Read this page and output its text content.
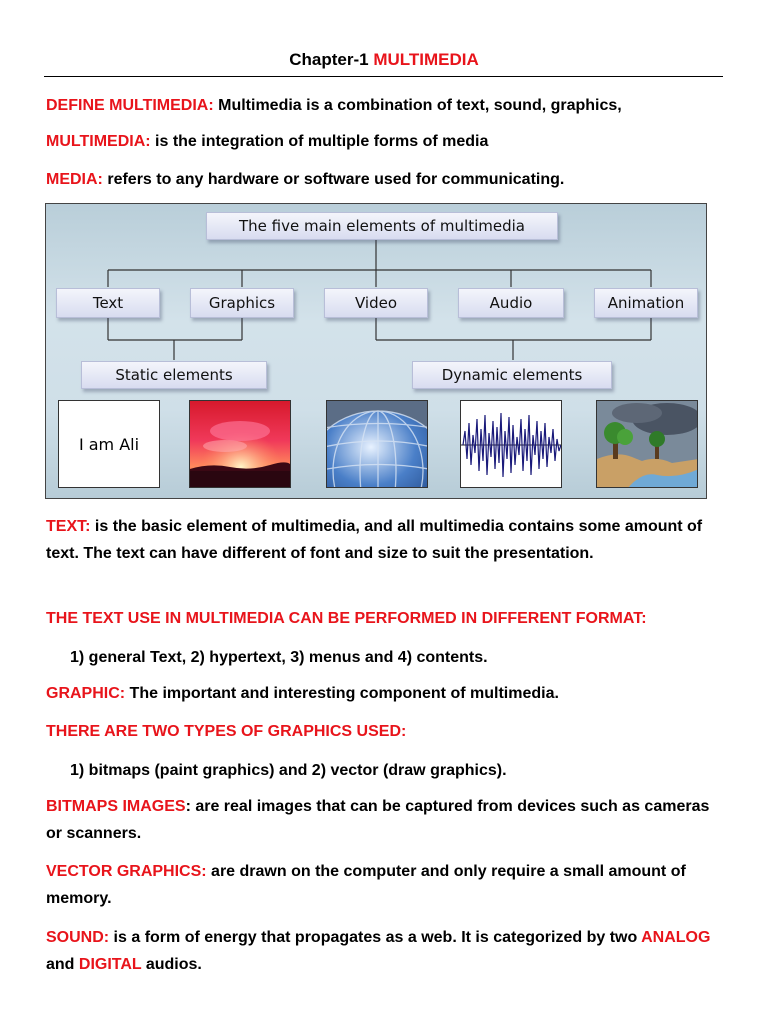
Chapter-1 MULTIMEDIA

DEFINE MULTIMEDIA: Multimedia is a combination of text, sound, graphics,

MULTIMEDIA: is the integration of multiple forms of media

MEDIA: refers to any hardware or software used for communicating.

The five main elements of multimedia
Text	Graphics	Video	Audio	Animation
Static elements	Dynamic elements
I am Ali

TEXT: is the basic element of multimedia, and all multimedia contains some amount of text. The text can have different of font and size to suit the presentation.

THE TEXT USE IN MULTIMEDIA CAN BE PERFORMED IN DIFFERENT FORMAT:

1) general Text, 2) hypertext, 3) menus and 4) contents.

GRAPHIC: The important and interesting component of multimedia.

THERE ARE TWO TYPES OF GRAPHICS USED:

1) bitmaps (paint graphics) and 2) vector (draw graphics).

BITMAPS IMAGES: are real images that can be captured from devices such as cameras or scanners.

VECTOR GRAPHICS: are drawn on the computer and only require a small amount of memory.

SOUND: is a form of energy that propagates as a web. It is categorized by two ANALOG and DIGITAL audios.
